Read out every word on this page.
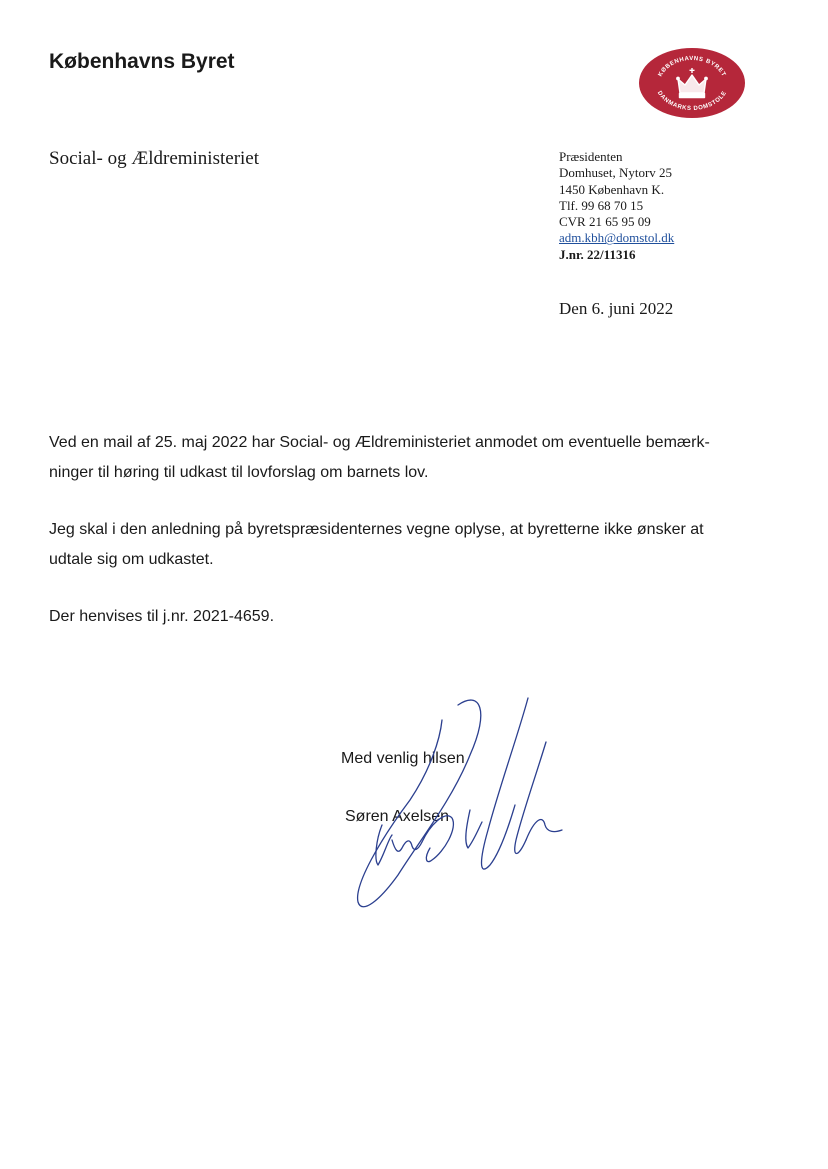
Københavns Byret
KØBENHAVNS BYRET
DANMARKS DOMSTOLE

Social- og Ældreministeriet	Præsidenten
Domhuset, Nytorv 25
1450 København K.
Tlf. 99 68 70 15
CVR 21 65 95 09
adm.kbh@domstol.dk
J.nr. 22/11316
Den 6. juni 2022

Ved en mail af 25. maj 2022 har Social- og Ældreministeriet anmodet om eventuelle bemærk-
ninger til høring til udkast til lovforslag om barnets lov.

Jeg skal i den anledning på byretspræsidenternes vegne oplyse, at byretterne ikke ønsker at
udtale sig om udkastet.

Der henvises til j.nr. 2021-4659.

Med venlig hilsen
Søren Axelsen
